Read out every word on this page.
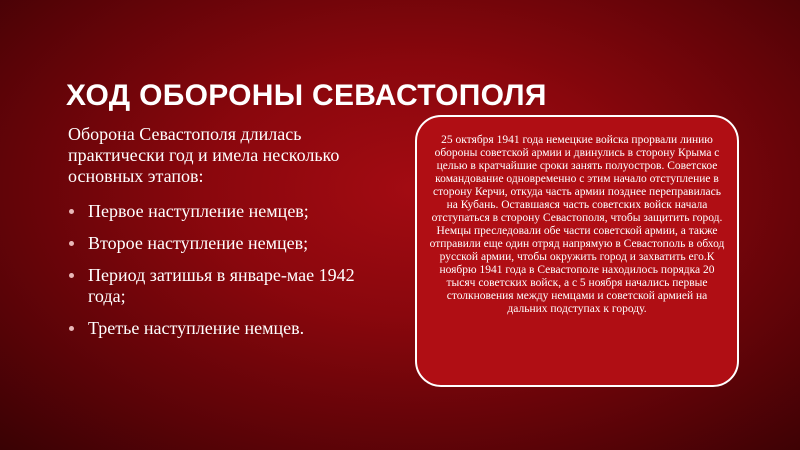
ХОД ОБОРОНЫ СЕВАСТОПОЛЯ

Оборона Севастополя длилась практически год и имела несколько основных этапов:

Первое наступление немцев;
Второе наступление немцев;
Период затишья в январе-мае 1942 года;
Третье наступление немцев.

25 октября 1941 года немецкие войска прорвали линию обороны советской армии и двинулись в сторону Крыма с целью в кратчайшие сроки занять полуостров. Советское командование одновременно с этим начало отступление в сторону Керчи, откуда часть армии позднее переправилась на Кубань. Оставшаяся часть советских войск начала отступаться в сторону Севастополя, чтобы защитить город. Немцы преследовали обе части советской армии, а также отправили еще один отряд напрямую в Севастополь в обход русской армии, чтобы окружить город и захватить его.К ноябрю 1941 года в Севастополе находилось порядка 20 тысяч советских войск, а с 5 ноября начались первые столкновения между немцами и советской армией на дальних подступах к городу.
